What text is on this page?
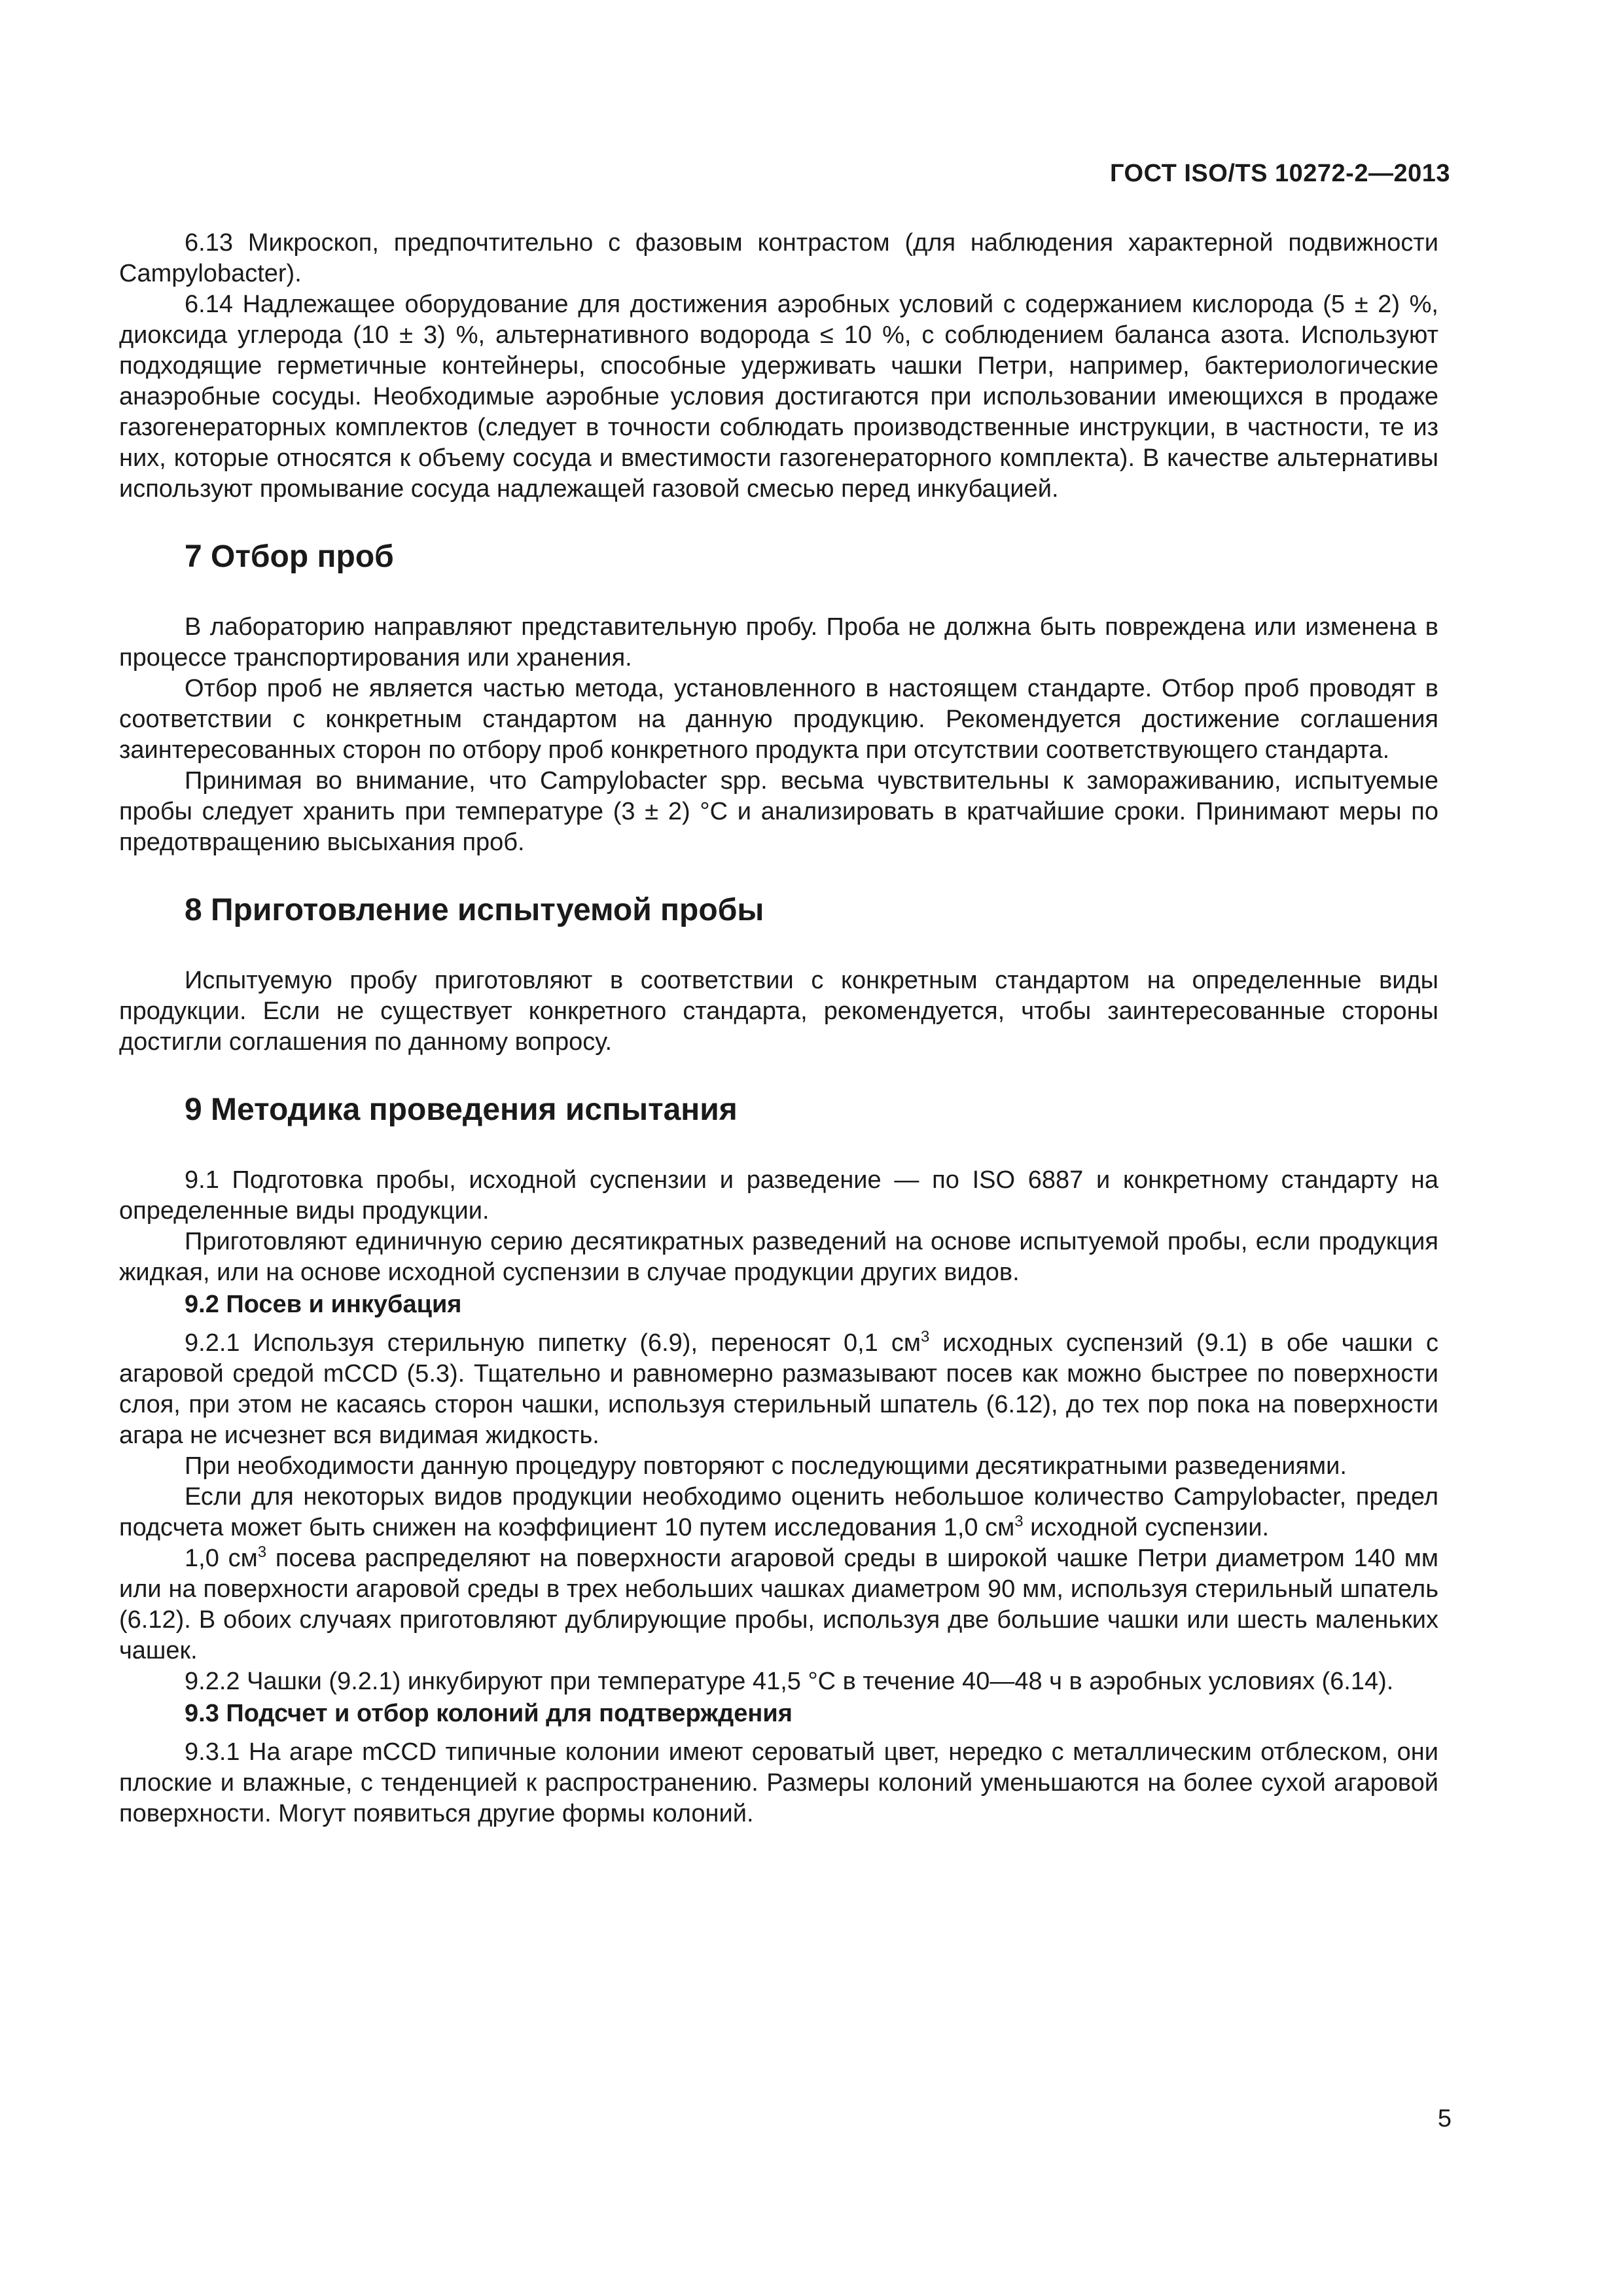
ГОСТ ISO/TS 10272-2—2013

6.13 Микроскоп, предпочтительно с фазовым контрастом (для наблюдения характерной подвижности Campylobacter).

6.14 Надлежащее оборудование для достижения аэробных условий с содержанием кислорода (5 ± 2) %, диоксида углерода (10 ± 3) %, альтернативного водорода ≤ 10 %, с соблюдением баланса азота. Используют подходящие герметичные контейнеры, способные удерживать чашки Петри, например, бактериологические анаэробные сосуды. Необходимые аэробные условия достигаются при использовании имеющихся в продаже газогенераторных комплектов (следует в точности соблюдать производственные инструкции, в частности, те из них, которые относятся к объему сосуда и вместимости газогенераторного комплекта). В качестве альтернативы используют промывание сосуда надлежащей газовой смесью перед инкубацией.

7 Отбор проб

В лабораторию направляют представительную пробу. Проба не должна быть повреждена или изменена в процессе транспортирования или хранения.

Отбор проб не является частью метода, установленного в настоящем стандарте. Отбор проб проводят в соответствии с конкретным стандартом на данную продукцию. Рекомендуется достижение соглашения заинтересованных сторон по отбору проб конкретного продукта при отсутствии соответствующего стандарта.

Принимая во внимание, что Campylobacter spp. весьма чувствительны к замораживанию, испытуемые пробы следует хранить при температуре (3 ± 2) °C и анализировать в кратчайшие сроки. Принимают меры по предотвращению высыхания проб.

8 Приготовление испытуемой пробы

Испытуемую пробу приготовляют в соответствии с конкретным стандартом на определенные виды продукции. Если не существует конкретного стандарта, рекомендуется, чтобы заинтересованные стороны достигли соглашения по данному вопросу.

9 Методика проведения испытания

9.1 Подготовка пробы, исходной суспензии и разведение — по ISO 6887 и конкретному стандарту на определенные виды продукции.

Приготовляют единичную серию десятикратных разведений на основе испытуемой пробы, если продукция жидкая, или на основе исходной суспензии в случае продукции других видов.

9.2 Посев и инкубация

9.2.1 Используя стерильную пипетку (6.9), переносят 0,1 $см^3$ исходных суспензий (9.1) в обе чашки с агаровой средой mCCD (5.3). Тщательно и равномерно размазывают посев как можно быстрее по поверхности слоя, при этом не касаясь сторон чашки, используя стерильный шпатель (6.12), до тех пор пока на поверхности агара не исчезнет вся видимая жидкость.

При необходимости данную процедуру повторяют с последующими десятикратными разведениями.

Если для некоторых видов продукции необходимо оценить небольшое количество Campylobacter, предел подсчета может быть снижен на коэффициент 10 путем исследования 1,0 $см^3$ исходной суспензии.

1,0 $см^3$ посева распределяют на поверхности агаровой среды в широкой чашке Петри диаметром 140 мм или на поверхности агаровой среды в трех небольших чашках диаметром 90 мм, используя стерильный шпатель (6.12). В обоих случаях приготовляют дублирующие пробы, используя две большие чашки или шесть маленьких чашек.

9.2.2 Чашки (9.2.1) инкубируют при температуре 41,5 °С в течение 40—48 ч в аэробных условиях (6.14).

9.3 Подсчет и отбор колоний для подтверждения

9.3.1 На агаре mCCD типичные колонии имеют сероватый цвет, нередко с металлическим отблеском, они плоские и влажные, с тенденцией к распространению. Размеры колоний уменьшаются на более сухой агаровой поверхности. Могут появиться другие формы колоний.

5
